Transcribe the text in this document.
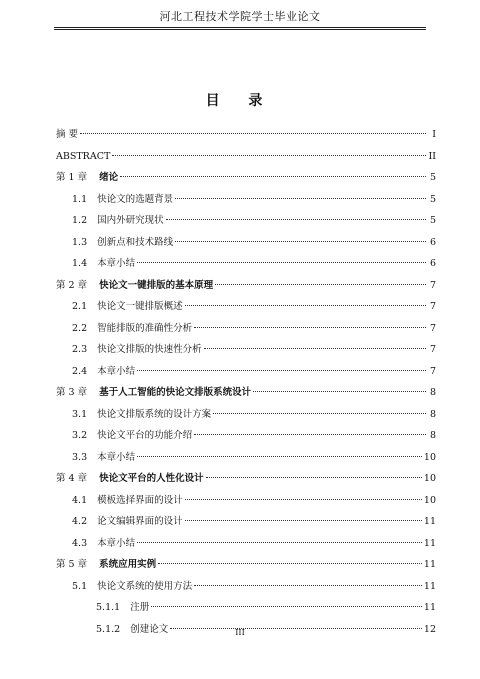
河北工程技术学院学士毕业论文
目 录
摘 要	I
ABSTRACT	II
第 1 章 绪论	5
1.1 快论文的选题背景	5
1.2 国内外研究现状	5
1.3 创新点和技术路线	6
1.4 本章小结	6
第 2 章 快论文一键排版的基本原理	7
2.1 快论文一键排版概述	7
2.2 智能排版的准确性分析	7
2.3 快论文排版的快速性分析	7
2.4 本章小结	7
第 3 章 基于人工智能的快论文排版系统设计	8
3.1 快论文排版系统的设计方案	8
3.2 快论文平台的功能介绍	8
3.3 本章小结	10
第 4 章 快论文平台的人性化设计	10
4.1 模板选择界面的设计	10
4.2 论文编辑界面的设计	11
4.3 本章小结	11
第 5 章 系统应用实例	11
5.1 快论文系统的使用方法	11
5.1.1 注册	11
5.1.2 创建论文	12
III
